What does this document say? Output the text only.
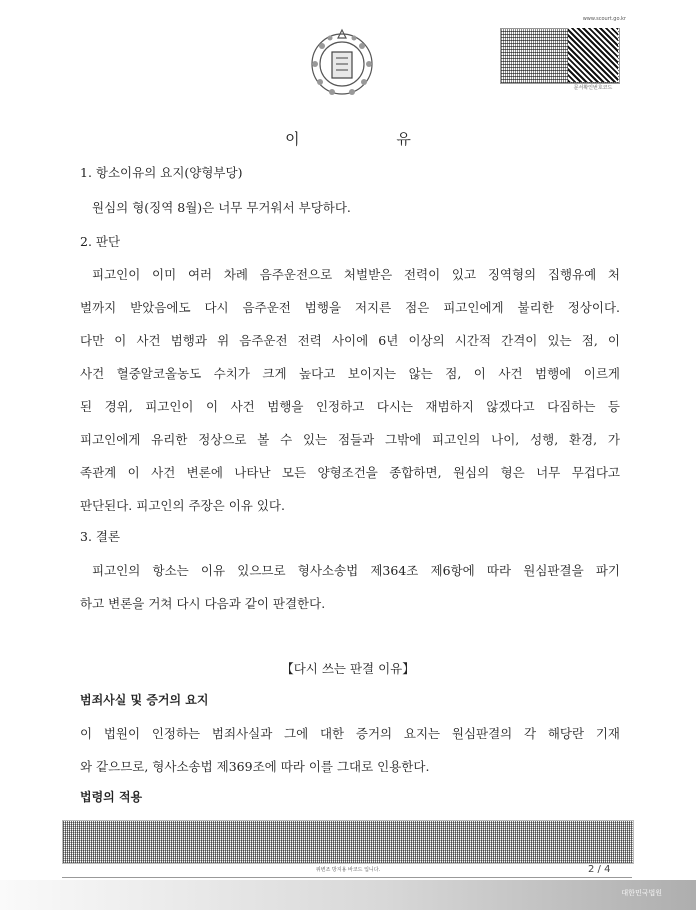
www.scourt.go.kr
문서확인번호코드
이 유
1. 항소이유의 요지(양형부당)
원심의 형(징역 8월)은 너무 무거워서 부당하다.
2. 판단
피고인이 이미 여러 차례 음주운전으로 처벌받은 전력이 있고 징역형의 집행유예 처
벌까지 받았음에도 다시 음주운전 범행을 저지른 점은 피고인에게 불리한 정상이다.
다만 이 사건 범행과 위 음주운전 전력 사이에 6년 이상의 시간적 간격이 있는 점, 이
사건 혈중알코올농도 수치가 크게 높다고 보이지는 않는 점, 이 사건 범행에 이르게
된 경위, 피고인이 이 사건 범행을 인정하고 다시는 재범하지 않겠다고 다짐하는 등
피고인에게 유리한 정상으로 볼 수 있는 점들과 그밖에 피고인의 나이, 성행, 환경, 가
족관계 이 사건 변론에 나타난 모든 양형조건을 종합하면, 원심의 형은 너무 무겁다고
판단된다. 피고인의 주장은 이유 있다.
3. 결론
피고인의 항소는 이유 있으므로 형사소송법 제364조 제6항에 따라 원심판결을 파기
하고 변론을 거쳐 다시 다음과 같이 판결한다.
【다시 쓰는 판결 이유】
범죄사실 및 증거의 요지
이 법원이 인정하는 범죄사실과 그에 대한 증거의 요지는 원심판결의 각 해당란 기재
와 같으므로, 형사소송법 제369조에 따라 이를 그대로 인용한다.
법령의 적용
위변조 방지용 바코드 입니다.	2 / 4
대한민국법원
